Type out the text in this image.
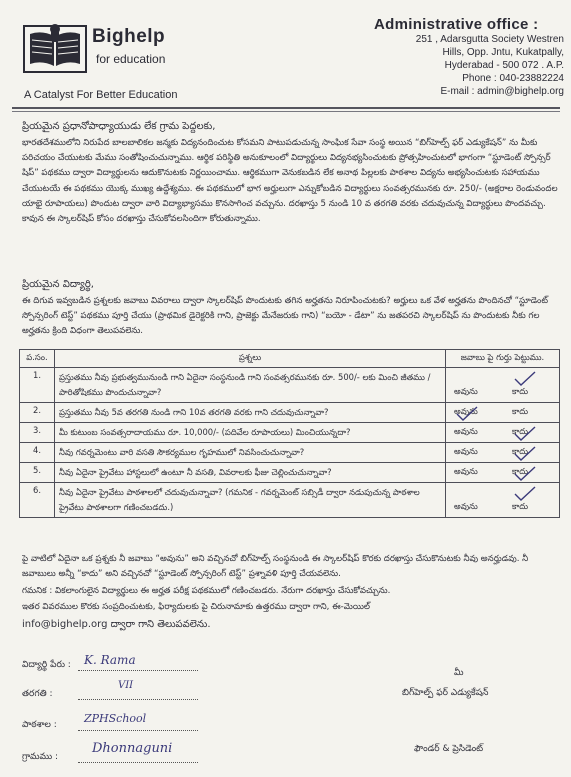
Bighelp
for education
A Catalyst For Better Education
Administrative office :
251 , Adarsgutta Society Westren
Hills, Opp. Jntu, Kukatpally,
Hyderabad - 500 072 . A.P.
Phone : 040-23882224
E-mail : admin@bighelp.org
ప్రియమైన ప్రధానోపాధ్యాయుడు లేక గ్రామ పెద్దలకు,
భారతదేశములోని నిరుపేద బాలబాలికల జన్మకు విద్యనందించుట కోసమని పాటుపడుచున్న సాంఘిక సేవా సంస్థ అయిన “బిగ్‌హెల్ప్ ఫర్ ఎడ్యుకేషన్” ను మీకు పరిచయం చేయుటకు మేము సంతోషించుచున్నాము. ఆర్థిక పరిస్థితి అనుకూలంలో విద్యార్థులు విద్యనభ్యసించుటకు ప్రోత్సహించుటలో భాగంగా “స్టూడెంట్ స్పోన్సర్ షిప్” పథకము ద్వారా విద్యార్థులను ఆదుకొనుటకు నిర్ణయించాము. ఆర్థికముగా వెనుకబడిన లేక అనాథ పిల్లలకు పాఠశాల విద్యను అభ్యసించుటకు సహాయము చేయుటయే ఈ పథకము యొక్క ముఖ్య ఉద్దేశ్యము. ఈ పథకములో భాగ అర్హులుగా ఎన్నుకోబడిన విద్యార్థులు సంవత్సరమునకు రూ. 250/- (అక్షరాల రెండువందల యాభై రూపాయలు) పొందుట ద్వారా వారి విద్యాభ్యాసము కొనసాగించ వచ్చును. దరఖాస్తు 5 నుండి 10 వ తరగతి వరకు చదువుచున్న విద్యార్థులు పొందవచ్చు. కావున ఈ స్కాలర్‌షిప్ కోసం దరఖాస్తు చేసుకోవలసిందిగా కోరుతున్నాము.
ప్రియమైన విద్యార్థి,
ఈ దిగువ ఇవ్వబడిన ప్రశ్నలకు జవాబు వివరాలు ద్వారా స్కాలర్‌షిప్ పొందుటకు తగిన అర్హతను నిరూపించుటకు? అర్హులు ఒక వేళ అర్హతను పొందినచో “స్టూడెంట్ స్పోన్సరింగ్ టెస్ట్” పథకము పూర్తి చేయు (ప్రాథమిక డైరెక్టరికి గాని, ప్రాజెక్టు మేనేజరుకు గాని) “బయో - డేటా” ను జతపరచి స్కాలర్‌షిప్ ను పొందుటకు నీకు గల అర్హతను క్రింది విధంగా తెలుపవలెను.
ప.సం.	ప్రశ్నలు	జవాబు పై గుర్తు పెట్టుము.
1.	ప్రస్తుతము నీవు ప్రభుత్వమునుండి గాని ఏదైనా సంస్థనుండి గాని సంవత్సరమునకు రూ. 500/- లకు మించి జీతము / పారితోషికము పొందుచున్నావా?	అవును కాదు

2.	ప్రస్తుతము నీవు 5వ తరగతి నుండి గాని 10వ తరగతి వరకు గాని చదువుచున్నావా?	అవును కాదు

3.	మీ కుటుంబ సంవత్సరాదాయము రూ. 10,000/- (పదివేల రూపాయలు) మించియున్నదా?	అవును కాదు

4.	నీవు గవర్నమెంటు వారి వసతి సౌకర్యముల గృహములో నివసించుచున్నావా?	అవును కాదు

5.	నీవు ఏదైనా ప్రైవేటు హాస్టలులో ఉంటూ నీ వసతి, వివరాలకు ఫీజు చెల్లించుచున్నావా?	అవును కాదు

6.	నీవు ఏదైనా ప్రైవేటు పాఠశాలలో చదువుచున్నావా? (గమనిక - గవర్నమెంట్ సబ్సిడీ ద్వారా నడుపుచున్న పాఠశాల ప్రైవేటు పాఠశాలగా గణించబడదు.)	అవును కాదు
పై వాటిలో ఏదైనా ఒక ప్రశ్నకు నీ జవాబు “అవును” అని వచ్చినచో బిగ్‌హెల్ప్ సంస్థనుండి ఈ స్కాలర్‌షిప్ కొరకు దరఖాస్తు చేసుకొనుటకు నీవు అనర్హుడవు. నీ జవాబులు అన్నీ “కాదు” అని వచ్చినచో “స్టూడెంట్ స్పోన్సరింగ్ టెస్ట్” ప్రశ్నావళి పూర్తి చేయవలెను.
గమనిక : వికలాంగులైన విద్యార్థులు ఈ అర్హత పరీక్ష పథకములో గణించబడరు. నేరుగా దరఖాస్తు చేసుకోవచ్చును.
ఇతర వివరముల కొరకు సంప్రదించుటకు, ఫిర్యాదులకు పై చిరునామాకు ఉత్తరము ద్వారా గాని, ఈ-మెయిల్
info@bighelp.org ద్వారా గాని తెలుపవలెను.
విద్యార్థి పేరు : K. Rama
తరగతి :
VII
పాఠశాల : ZPHSchool
గ్రామము :
Dhonnaguni
మీ
బిగ్‌హెల్ప్ ఫర్ ఎడ్యుకేషన్
ఫౌండర్ & ప్రెసిడెంట్
